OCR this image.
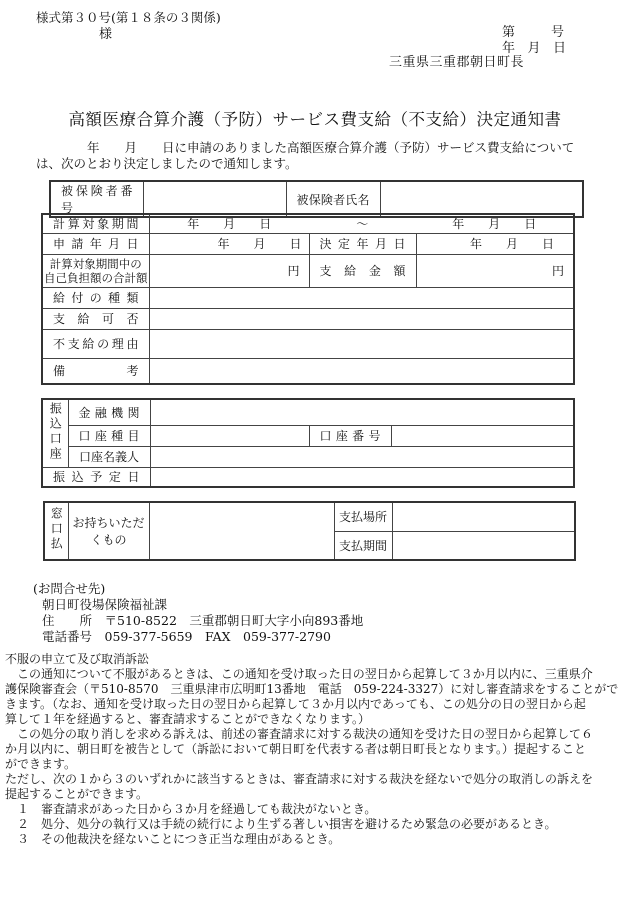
様式第３０号(第１８条の３関係)
様	第	号
年 月 日
三重県三重郡朝日町長
高額医療合算介護（予防）サービス費支給（不支給）決定通知書
年　　月　　日に申請のありました高額医療合算介護（予防）サービス費支給について
は、次のとおり決定しましたので通知します。
被保険者番号		被保険者氏名	
計算対象期間	年　　月　　日 ～ 年　　月　　日		

申請年月日	年　　月　　日	決定年月日	年　　月　　日

計算対象期間中の
自己負担額の合計額	円	支給金額	円
給付の種類			
支給可否			
不支給の理由			
備考			
振込口座	金融機関			
	口座種目		口座番号	
	口座名義人			
振込予定日				
窓口払	お持ちいただ
くもの		支払場所	
			支払期間	
(お問合せ先)
朝日町役場保険福祉課
住　　所　〒510-8522　三重郡朝日町大字小向893番地
電話番号　059-377-5659　FAX　059-377-2790
不服の申立て及び取消訴訟
　この通知について不服があるときは、この通知を受け取った日の翌日から起算して３か月以内に、三重県介
護保険審査会（〒510-8570　三重県津市広明町13番地　電話　059-224-3327）に対し審査請求をすることがで
きます。（なお、通知を受け取った日の翌日から起算して３か月以内であっても、この処分の日の翌日から起
算して１年を経過すると、審査請求することができなくなります。）
　この処分の取り消しを求める訴えは、前述の審査請求に対する裁決の通知を受けた日の翌日から起算して６
か月以内に、朝日町を被告として（訴訟において朝日町を代表する者は朝日町長となります。）提起すること
ができます。
ただし、次の１から３のいずれかに該当するときは、審査請求に対する裁決を経ないで処分の取消しの訴えを
提起することができます。
　１　審査請求があった日から３か月を経過しても裁決がないとき。
　２　処分、処分の執行又は手続の続行により生ずる著しい損害を避けるため緊急の必要があるとき。
　３　その他裁決を経ないことにつき正当な理由があるとき。
